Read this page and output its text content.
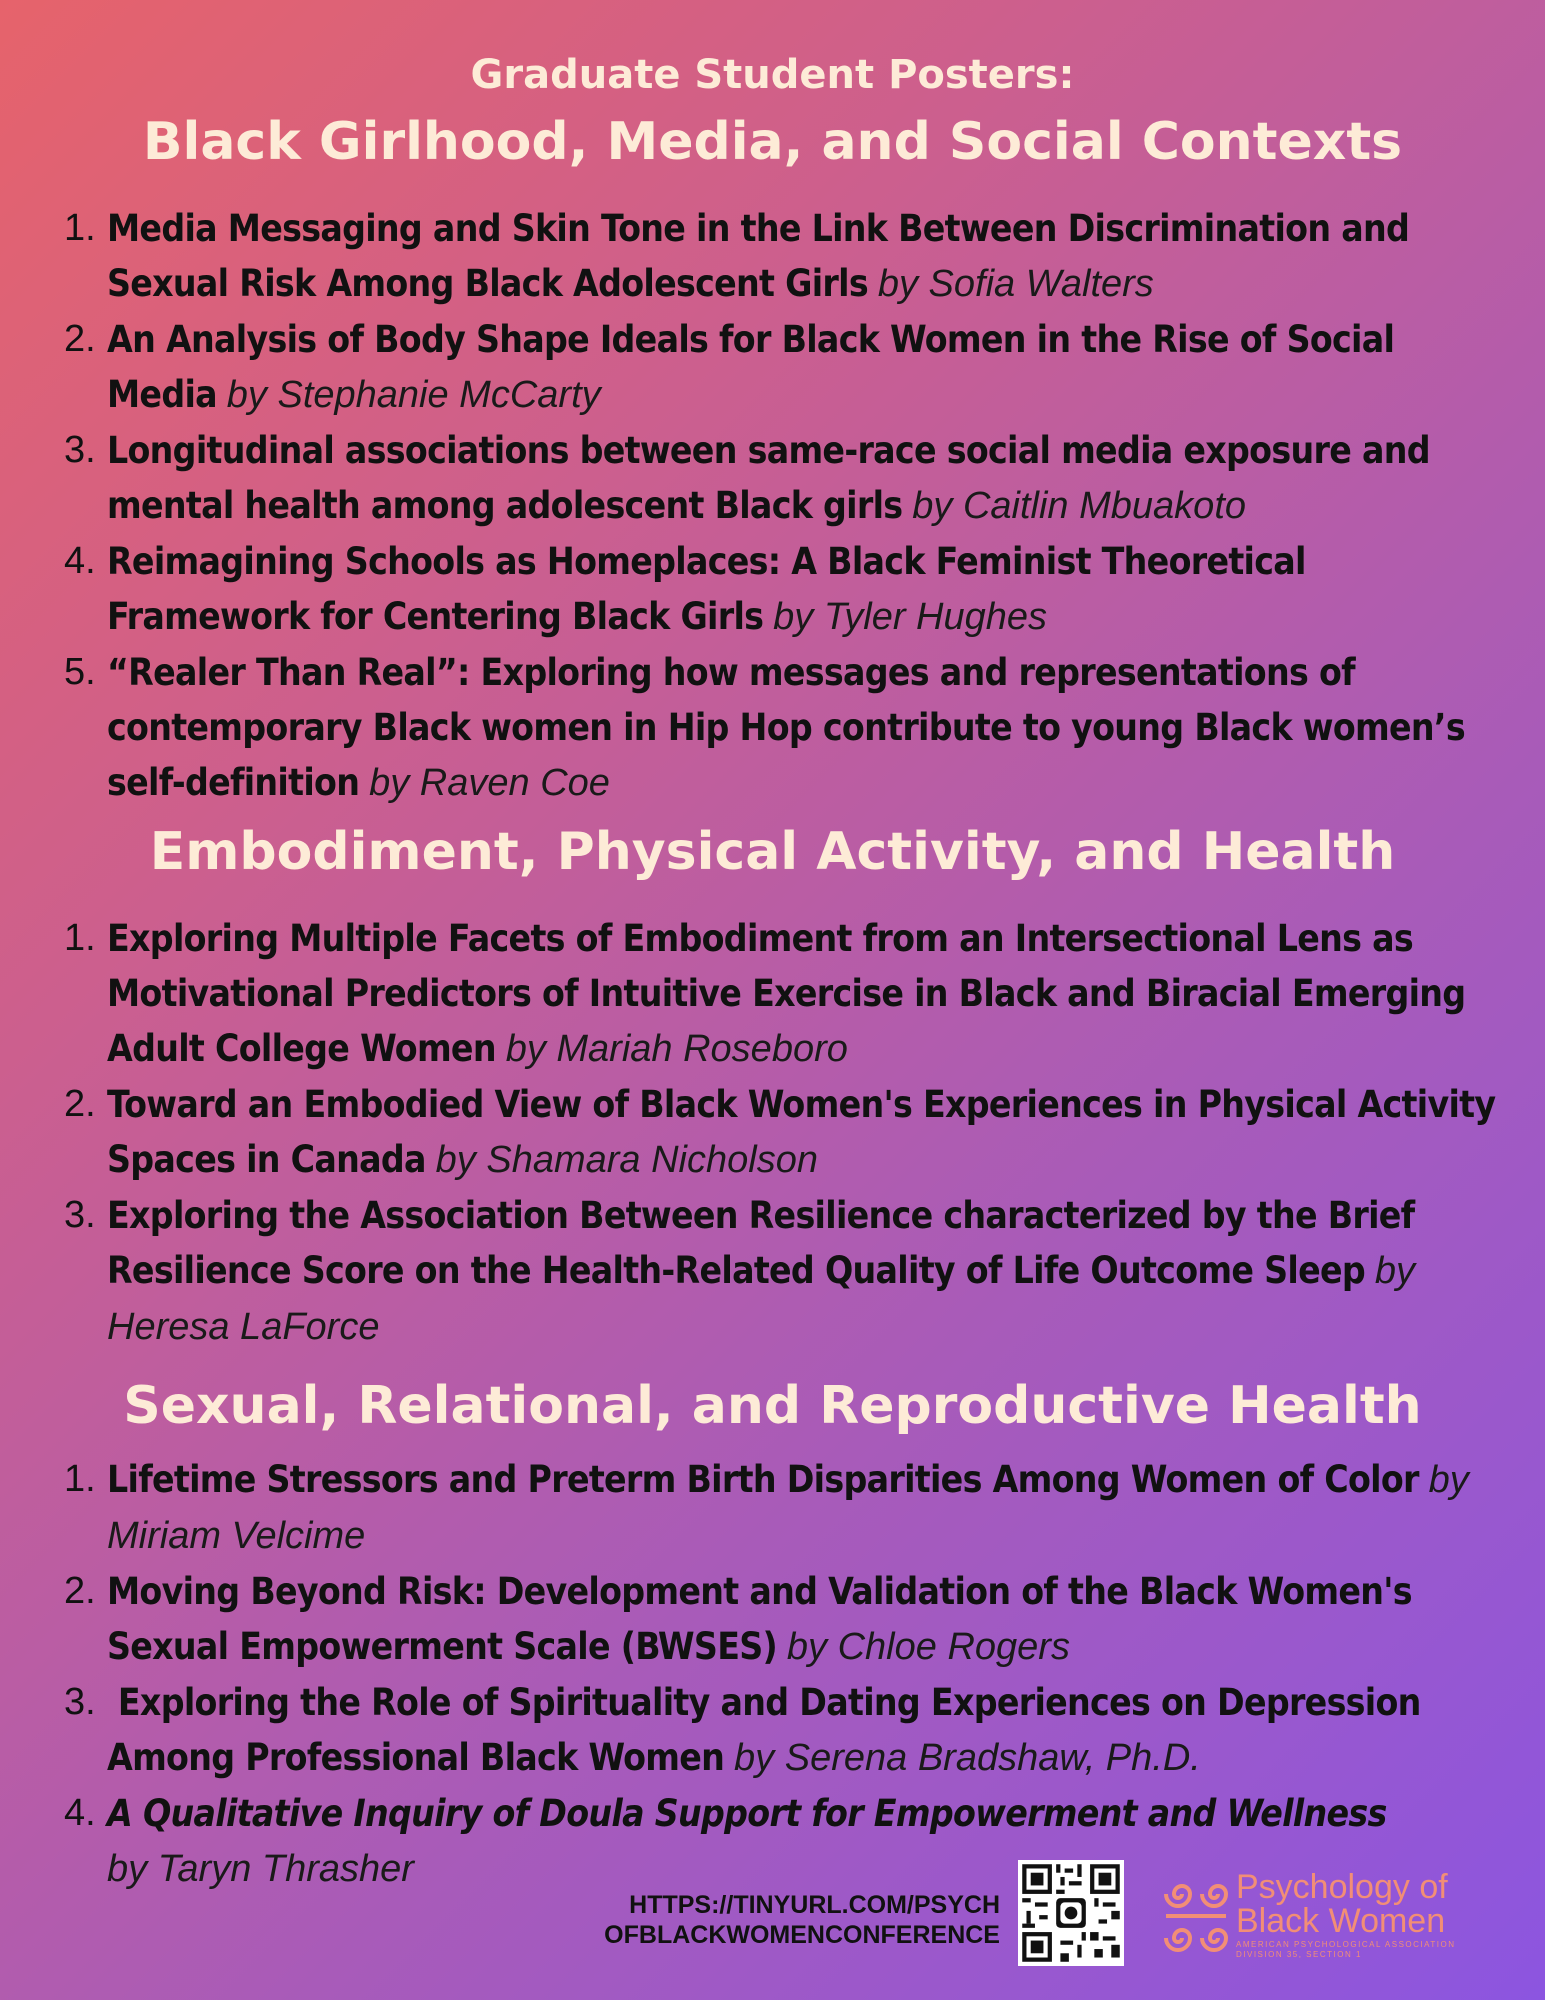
Graduate Student Posters:
Black Girlhood, Media, and Social Contexts
1. Media Messaging and Skin Tone in the Link Between Discrimination and Sexual Risk Among Black Adolescent Girls by Sofia Walters
2. An Analysis of Body Shape Ideals for Black Women in the Rise of Social Media by Stephanie McCarty
3. Longitudinal associations between same-race social media exposure and mental health among adolescent Black girls by Caitlin Mbuakoto
4. Reimagining Schools as Homeplaces: A Black Feminist Theoretical Framework for Centering Black Girls by Tyler Hughes
5. “Realer Than Real”: Exploring how messages and representations of contemporary Black women in Hip Hop contribute to young Black women’s self-definition by Raven Coe
Embodiment, Physical Activity, and Health
1. Exploring Multiple Facets of Embodiment from an Intersectional Lens as Motivational Predictors of Intuitive Exercise in Black and Biracial Emerging Adult College Women by Mariah Roseboro
2. Toward an Embodied View of Black Women's Experiences in Physical Activity Spaces in Canada by Shamara Nicholson
3. Exploring the Association Between Resilience characterized by the Brief Resilience Score on the Health-Related Quality of Life Outcome Sleep by Heresa LaForce
Sexual, Relational, and Reproductive Health
1. Lifetime Stressors and Preterm Birth Disparities Among Women of Color by Miriam Velcime
2. Moving Beyond Risk: Development and Validation of the Black Women's Sexual Empowerment Scale (BWSES) by Chloe Rogers
3. Exploring the Role of Spirituality and Dating Experiences on Depression Among Professional Black Women by Serena Bradshaw, Ph.D.
4. A Qualitative Inquiry of Doula Support for Empowerment and Wellness
by Taryn Thrasher
HTTPS://TINYURL.COM/PSYCH
OFBLACKWOMENCONFERENCE
Psychology of
Black Women
AMERICAN PSYCHOLOGICAL ASSOCIATION
DIVISION 35, SECTION 1
